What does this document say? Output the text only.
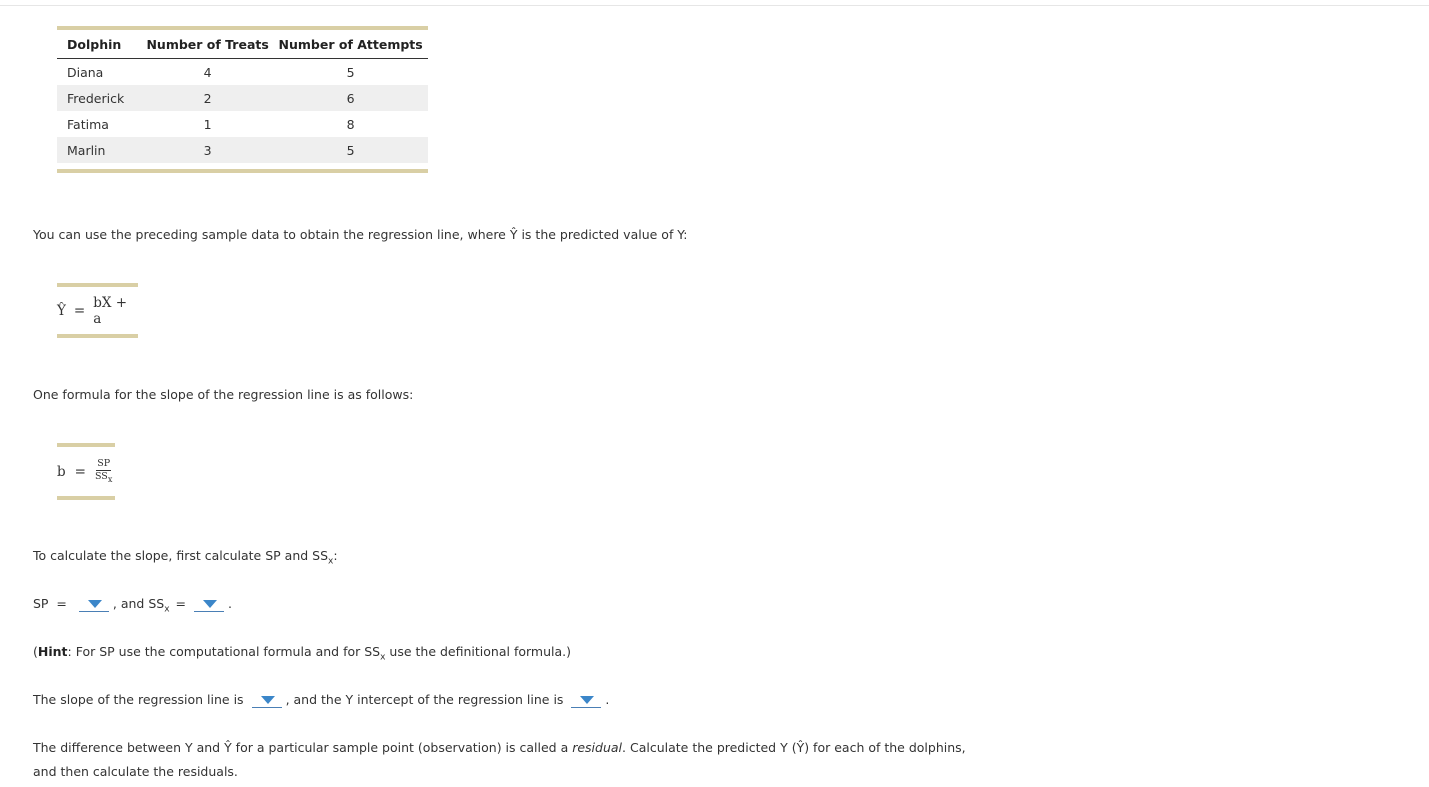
Dolphin	Number of Treats	Number of Attempts
Diana	4	5
Frederick	2	6
Fatima	1	8
Marlin	3	5
You can use the preceding sample data to obtain the regression line, where Ŷ is the predicted value of Y:
Ŷ = bX + a
One formula for the slope of the regression line is as follows:
$b = \frac{SP}{SS_x}$
To calculate the slope, first calculate SP and $SS_x$:
SP  =	, and $SS_x$ =	.
(Hint: For SP use the computational formula and for $SS_x$ use the definitional formula.)
The slope of the regression line is	, and the Y intercept of the regression line is	.
The difference between Y and Ŷ for a particular sample point (observation) is called a residual. Calculate the predicted Y (Ŷ) for each of the dolphins,
and then calculate the residuals.
